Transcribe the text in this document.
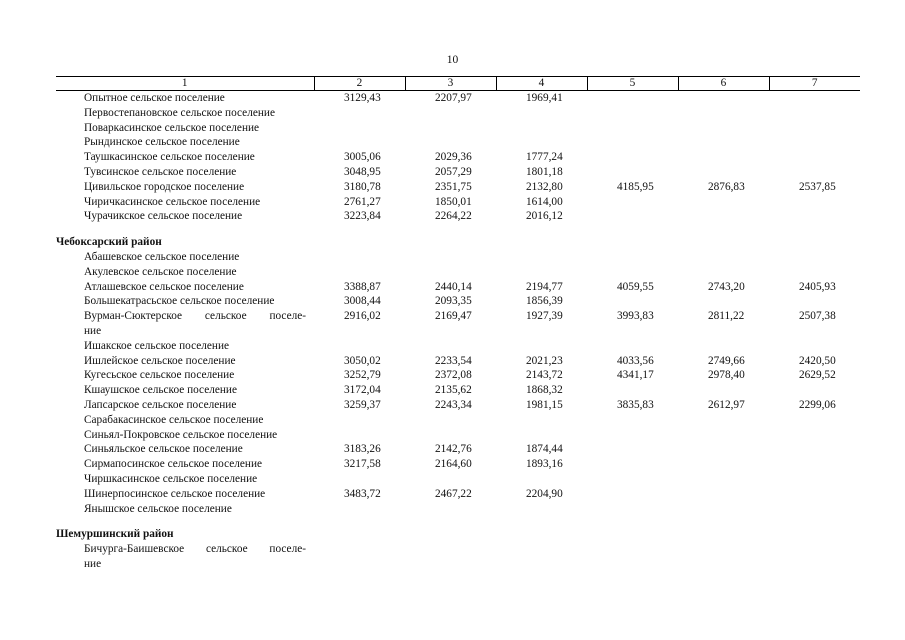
10
1	2	3	4	5	6	7
Опытное сельское поселение	3129,43	2207,97	1969,41			
Первостепановское сельское поселение						
Поваркасинское сельское поселение						
Рындинское сельское поселение						
Таушкасинское сельское поселение	3005,06	2029,36	1777,24			
Тувсинское сельское поселение	3048,95	2057,29	1801,18			
Цивильское городское поселение	3180,78	2351,75	2132,80	4185,95	2876,83	2537,85
Чиричкасинское сельское поселение	2761,27	1850,01	1614,00			
Чурачикское сельское поселение	3223,84	2264,22	2016,12			

Чебоксарский район						
Абашевское сельское поселение						
Акулевское сельское поселение						
Атлашевское сельское поселение	3388,87	2440,14	2194,77	4059,55	2743,20	2405,93
Большекатрасьское сельское поселение	3008,44	2093,35	1856,39			

Вурман-Сюктерское сельское поселе-	2916,02	2169,47	1927,39	3993,83	2811,22	2507,38
ние						
Ишакское сельское поселение						
Ишлейское сельское поселение	3050,02	2233,54	2021,23	4033,56	2749,66	2420,50
Кугесьское сельское поселение	3252,79	2372,08	2143,72	4341,17	2978,40	2629,52
Кшаушское сельское поселение	3172,04	2135,62	1868,32			
Лапсарское сельское поселение	3259,37	2243,34	1981,15	3835,83	2612,97	2299,06
Сарабакасинское сельское поселение						
Синьял-Покровское сельское поселение						
Синьяльское сельское поселение	3183,26	2142,76	1874,44			
Сирмапосинское сельское поселение	3217,58	2164,60	1893,16			
Чиршкасинское сельское поселение						
Шинерпосинское сельское поселение	3483,72	2467,22	2204,90			
Янышское сельское поселение						

Шемуршинский район						

Бичурга-Баишевское сельское поселе-						

ние						
